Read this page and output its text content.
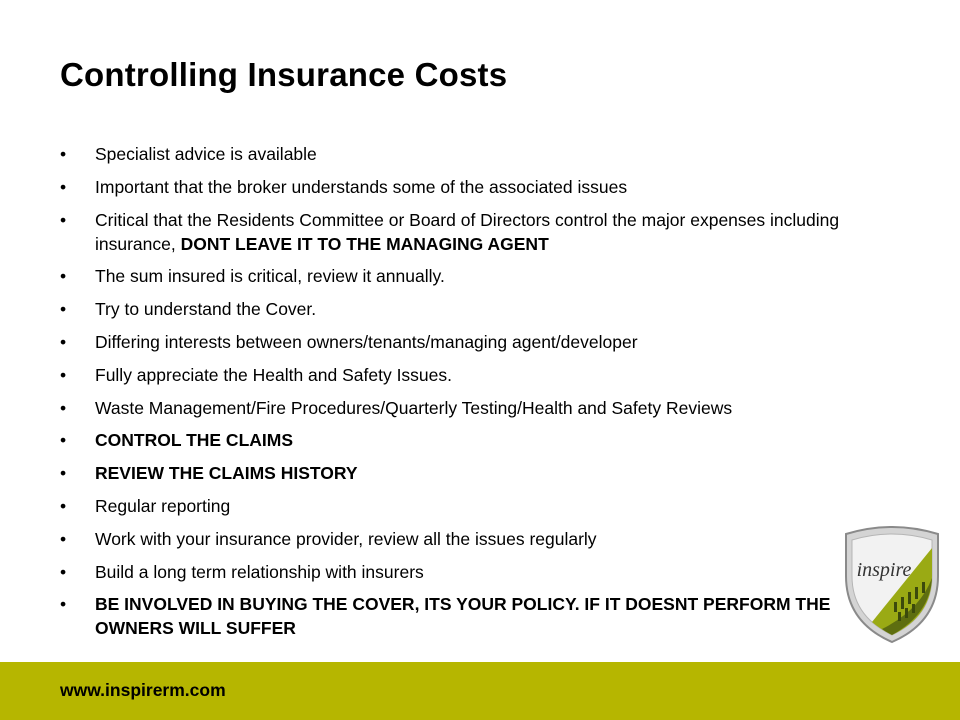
Controlling Insurance Costs
• Specialist advice is available
• Important that the broker understands some of the associated issues
• Critical that the Residents Committee or Board of Directors control the major expenses including insurance, DONT LEAVE IT TO THE MANAGING AGENT
• The sum insured is critical, review it annually.
• Try to understand the Cover.
• Differing interests between owners/tenants/managing agent/developer
• Fully appreciate the Health and Safety Issues.
• Waste Management/Fire Procedures/Quarterly Testing/Health and Safety Reviews
• CONTROL THE CLAIMS
• REVIEW THE CLAIMS HISTORY
• Regular reporting
• Work with your insurance provider, review all the issues regularly
• Build a long term relationship with insurers
• BE INVOLVED IN BUYING THE COVER, ITS YOUR POLICY. IF IT DOESNT PERFORM THE OWNERS WILL SUFFER
inspire
www.inspirerm.com
